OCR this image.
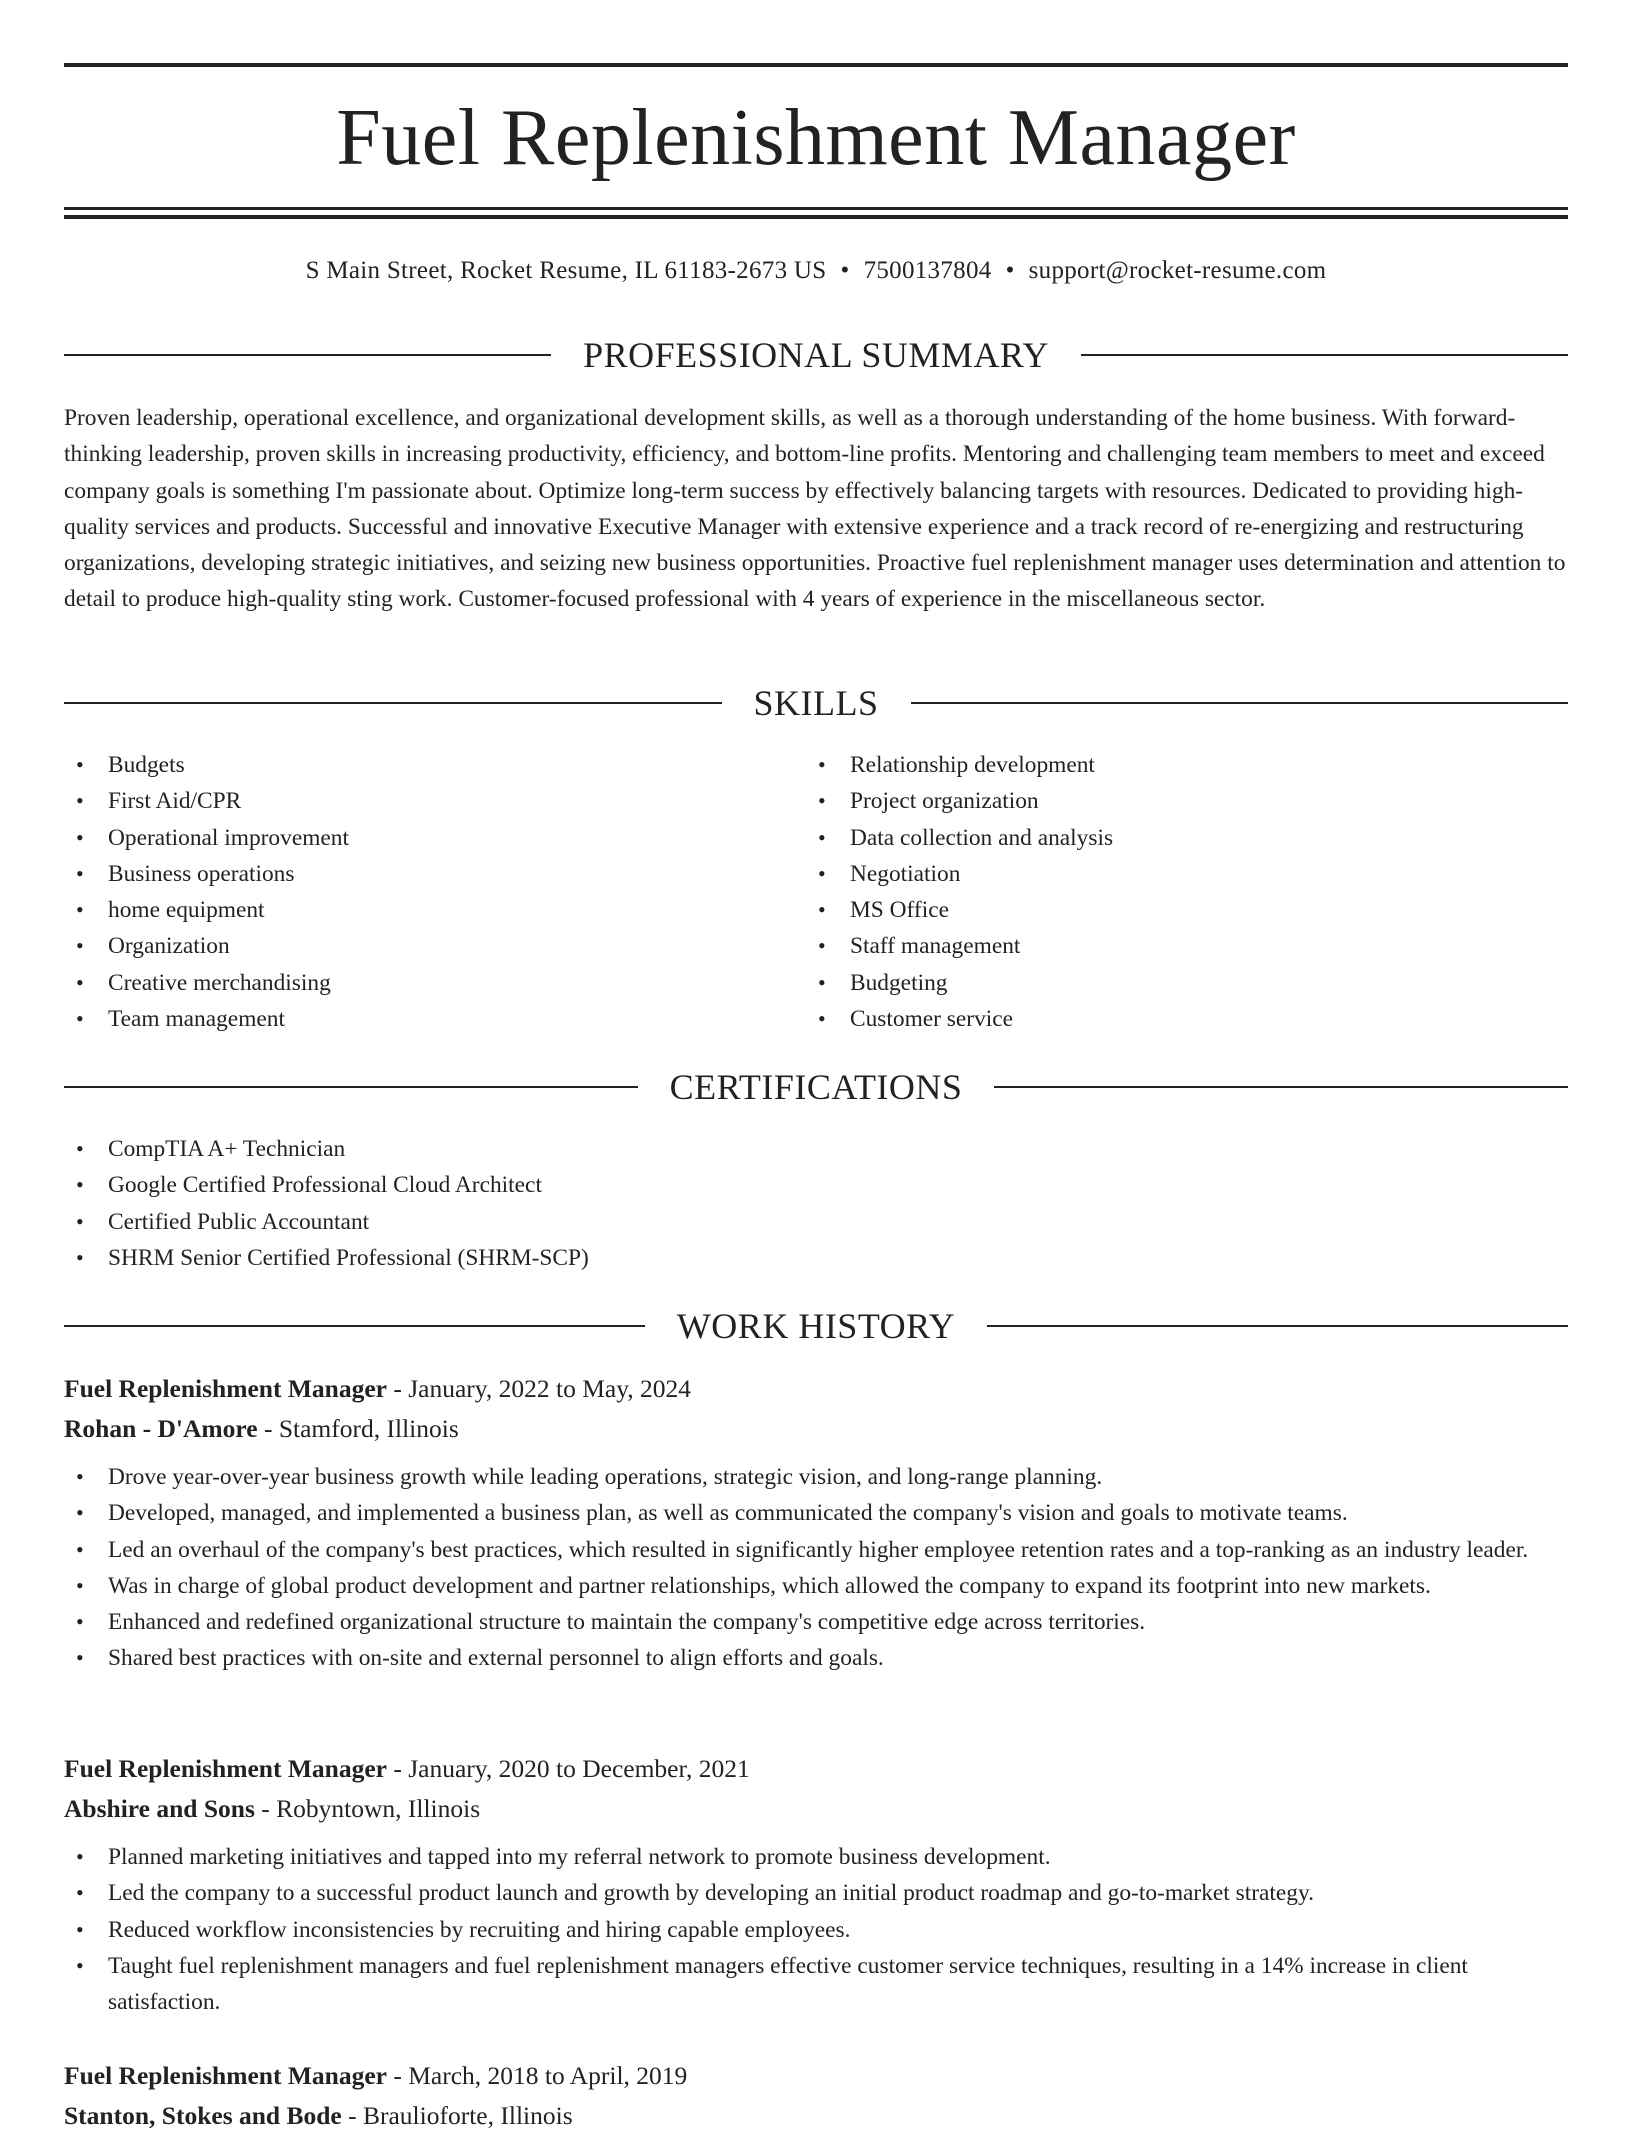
Fuel Replenishment Manager
S Main Street, Rocket Resume, IL 61183-2673 US • 7500137804 • support@rocket-resume.com
PROFESSIONAL SUMMARY
Proven leadership, operational excellence, and organizational development skills, as well as a thorough understanding of the home business. With forward-thinking leadership, proven skills in increasing productivity, efficiency, and bottom-line profits. Mentoring and challenging team members to meet and exceed company goals is something I'm passionate about. Optimize long-term success by effectively balancing targets with resources. Dedicated to providing high-quality services and products. Successful and innovative Executive Manager with extensive experience and a track record of re-energizing and restructuring organizations, developing strategic initiatives, and seizing new business opportunities. Proactive fuel replenishment manager uses determination and attention to detail to produce high-quality sting work. Customer-focused professional with 4 years of experience in the miscellaneous sector.
SKILLS
• Budgets
• First Aid/CPR
• Operational improvement
• Business operations
• home equipment
• Organization
• Creative merchandising
• Team management
• Relationship development
• Project organization
• Data collection and analysis
• Negotiation
• MS Office
• Staff management
• Budgeting
• Customer service
CERTIFICATIONS
• CompTIA A+ Technician
• Google Certified Professional Cloud Architect
• Certified Public Accountant
• SHRM Senior Certified Professional (SHRM-SCP)
WORK HISTORY
Fuel Replenishment Manager - January, 2022 to May, 2024
Rohan - D'Amore - Stamford, Illinois
• Drove year-over-year business growth while leading operations, strategic vision, and long-range planning.
• Developed, managed, and implemented a business plan, as well as communicated the company's vision and goals to motivate teams.
• Led an overhaul of the company's best practices, which resulted in significantly higher employee retention rates and a top-ranking as an industry leader.
• Was in charge of global product development and partner relationships, which allowed the company to expand its footprint into new markets.
• Enhanced and redefined organizational structure to maintain the company's competitive edge across territories.
• Shared best practices with on-site and external personnel to align efforts and goals.
Fuel Replenishment Manager - January, 2020 to December, 2021
Abshire and Sons - Robyntown, Illinois
• Planned marketing initiatives and tapped into my referral network to promote business development.
• Led the company to a successful product launch and growth by developing an initial product roadmap and go-to-market strategy.
• Reduced workflow inconsistencies by recruiting and hiring capable employees.
• Taught fuel replenishment managers and fuel replenishment managers effective customer service techniques, resulting in a 14% increase in client satisfaction.
Fuel Replenishment Manager - March, 2018 to April, 2019
Stanton, Stokes and Bode - Braulioforte, Illinois
